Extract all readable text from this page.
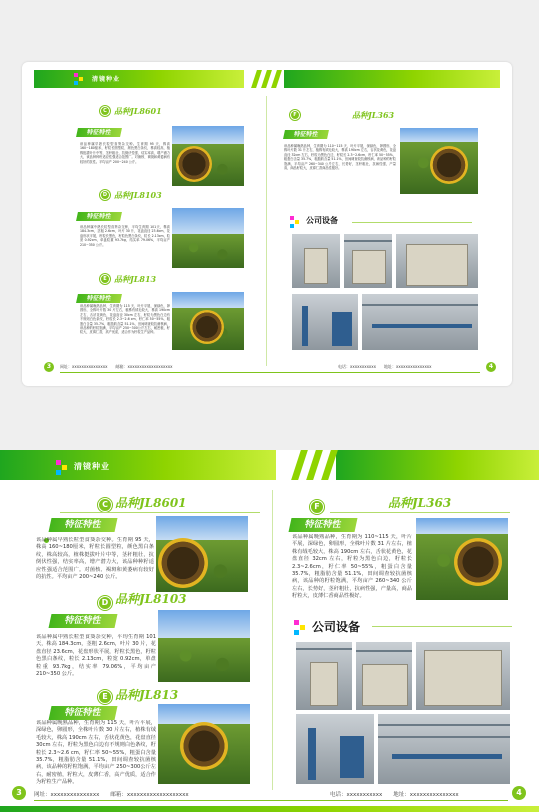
清镜种业
C 品种JL8601
特征特性
该品种属早熟长粒型食葵杂交种。生育期 95 天，株高 160~180厘米，籽粒长圆型粒，颜色黑白条纹，株高较高，植株挺拔叶片中等，茎秆粗壮，抗倒伏性强，结实率高，增产潜力大，该品种种籽适应性强适合范围广。对菌核、褐斑和黄萎病有较好的抗性。平均亩产 200~240 公斤。
D 品种JL8103
特征特性
该品种属中熟长粒型食葵杂交种，平均生育期 101天，株高 184.3cm，茎粗 2.6cm，叶片 30 片，花盘直径 23.6cm，花盘形状平展，籽粒长黑色，籽粒色黑白条纹，粒长 2.13cm，粒宽 0.92cm，单盘粒重 93.7kg，结实率 79.06%，平均亩产 210~350 公斤。
E 品种JL813
特征特性
该品种属晚熟品种，生育期为 115 天，叶片平展，深绿色，卵圆形，全株叶片数 30 片左右，植株有绒毛较大，株高 190cm 左右，舌状花黄色，花盘直径 30cm 左右，籽粒为黑色白边有不规则白色条纹，籽粒长 2.3~2.6 cm，籽仁率 50~55%，粗蛋白含量 35.7%，粗脂肪含量 51.1%，田间调查较抗菌核病，该品种的籽粒饱满，平均亩产 250~300公斤左右，耐密植，籽粒大，皮薄仁香，高产优质，适合作为籽粒生产品种。
F	品种JL363
特征特性
该品种属晚熟品种，生育期为 110~115 天，叶片平展，深绿色，卵圆形，全株叶片数 31 片左右，植株有绒毛较大，株高 190cm 左右，舌状花黄色，花盘直径 32cm 左右，籽粒为黑色白边，籽粒长 2.3~2.6cm，籽仁率 50~55%，粗蛋白含量 35.7%，粗脂肪含量 51.1%，田间调查较抗菌核病，该品种的籽粒饱满，平均亩产 260~340 公斤左右，长势好，茎秆粗壮，抗病性强，产量高，商品籽粒大，皮薄仁香商品性极好。
公司设备
3	网址：xxxxxxxxxxxxxxx　　邮箱：xxxxxxxxxxxxxxxxxxx	电话：xxxxxxxxxxx　　地址：xxxxxxxxxxxxxxx	4
清镜种业
C 品种JL8601
特征特性
该品种属早熟长粒型食葵杂交种。生育期 95 天，株高 160~180厘米，籽粒长圆型粒，颜色黑白条纹，株高较高，植株挺拔叶片中等，茎秆粗壮，抗倒伏性强，结实率高，增产潜力大，该品种种籽适应性强适合范围广。对菌核、褐斑和黄萎病有较好的抗性。平均亩产 200~240 公斤。
D 品种JL8103
特征特性
该品种属中熟长粒型食葵杂交种，平均生育期 101天，株高 184.3cm，茎粗 2.6cm，叶片 30 片，花盘直径 23.6cm，花盘形状平展，籽粒长黑色，籽粒色黑白条纹，粒长 2.13cm，粒宽 0.92cm，单盘粒重 93.7kg，结实率 79.06%，平均亩产 210~350 公斤。
E 品种JL813
特征特性
该品种属晚熟品种，生育期为 115 天，叶片平展，深绿色，卵圆形，全株叶片数 30 片左右，植株有绒毛较大，株高 190cm 左右，舌状花黄色，花盘直径 30cm 左右，籽粒为黑色白边有不规则白色条纹，籽粒长 2.3~2.6 cm，籽仁率 50~55%，粗蛋白含量 35.7%，粗脂肪含量 51.1%，田间调查较抗菌核病，该品种的籽粒饱满，平均亩产 250~300公斤左右，耐密植，籽粒大，皮薄仁香，高产优质，适合作为籽粒生产品种。
F	品种JL363
特征特性
该品种属晚熟品种，生育期为 110~115 天，叶片平展，深绿色，卵圆形，全株叶片数 31 片左右，植株有绒毛较大，株高 190cm 左右，舌状花黄色，花盘直径 32cm 左右，籽粒为黑色白边，籽粒长 2.3~2.6cm，籽仁率 50~55%，粗蛋白含量 35.7%，粗脂肪含量 51.1%，田间调查较抗菌核病，该品种的籽粒饱满，平均亩产 260~340 公斤左右，长势好，茎秆粗壮，抗病性强，产量高，商品籽粒大，皮薄仁香商品性极好。
公司设备
3	网址：xxxxxxxxxxxxxxx　　邮箱：xxxxxxxxxxxxxxxxxxx	电话：xxxxxxxxxxx　　地址：xxxxxxxxxxxxxxx	4
